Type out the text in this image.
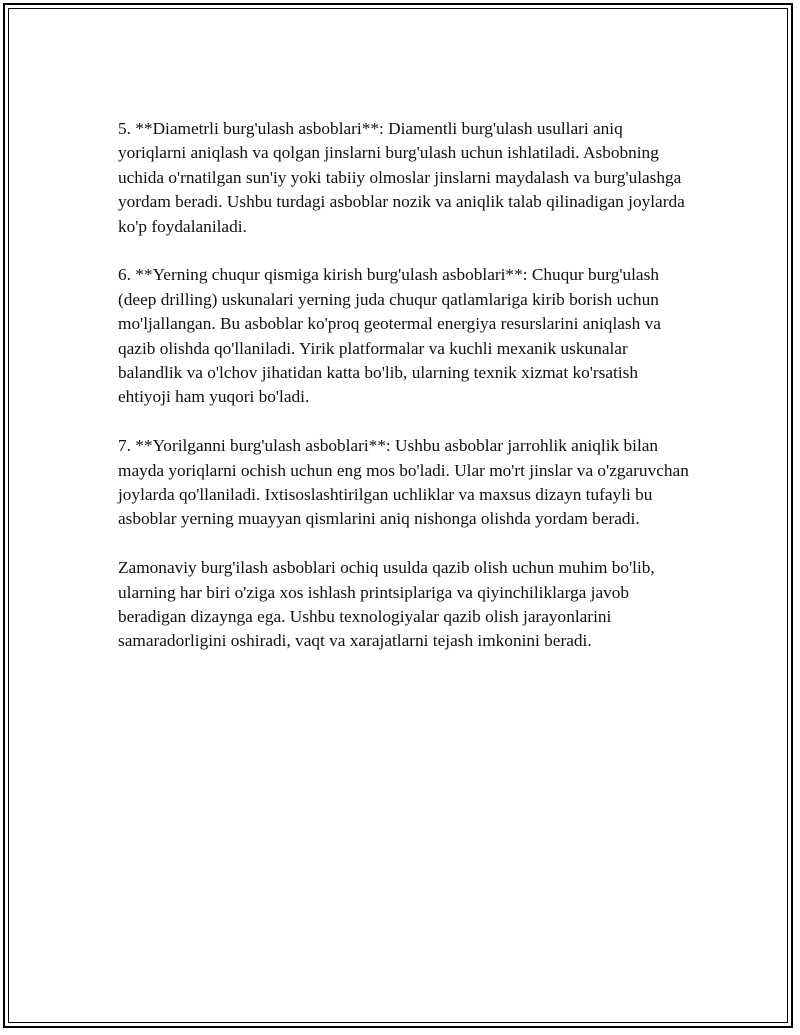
5. **Diametrli burg'ulash asboblari**: Diamentli burg'ulash usullari aniq yoriqlarni aniqlash va qolgan jinslarni burg'ulash uchun ishlatiladi. Asbobning uchida o'rnatilgan sun'iy yoki tabiiy olmoslar jinslarni maydalash va burg'ulashga yordam beradi. Ushbu turdagi asboblar nozik va aniqlik talab qilinadigan joylarda ko'p foydalaniladi.

6. **Yerning chuqur qismiga kirish burg'ulash asboblari**: Chuqur burg'ulash (deep drilling) uskunalari yerning juda chuqur qatlamlariga kirib borish uchun mo'ljallangan. Bu asboblar ko'proq geotermal energiya resurslarini aniqlash va qazib olishda qo'llaniladi. Yirik platformalar va kuchli mexanik uskunalar balandlik va o'lchov jihatidan katta bo'lib, ularning texnik xizmat ko'rsatish ehtiyoji ham yuqori bo'ladi.

7. **Yorilganni burg'ulash asboblari**: Ushbu asboblar jarrohlik aniqlik bilan mayda yoriqlarni ochish uchun eng mos bo'ladi. Ular mo'rt jinslar va o'zgaruvchan joylarda qo'llaniladi. Ixtisoslashtirilgan uchliklar va maxsus dizayn tufayli bu asboblar yerning muayyan qismlarini aniq nishonga olishda yordam beradi.

Zamonaviy burg'ilash asboblari ochiq usulda qazib olish uchun muhim bo'lib, ularning har biri o'ziga xos ishlash printsiplariga va qiyinchiliklarga javob beradigan dizaynga ega. Ushbu texnologiyalar qazib olish jarayonlarini samaradorligini oshiradi, vaqt va xarajatlarni tejash imkonini beradi.
